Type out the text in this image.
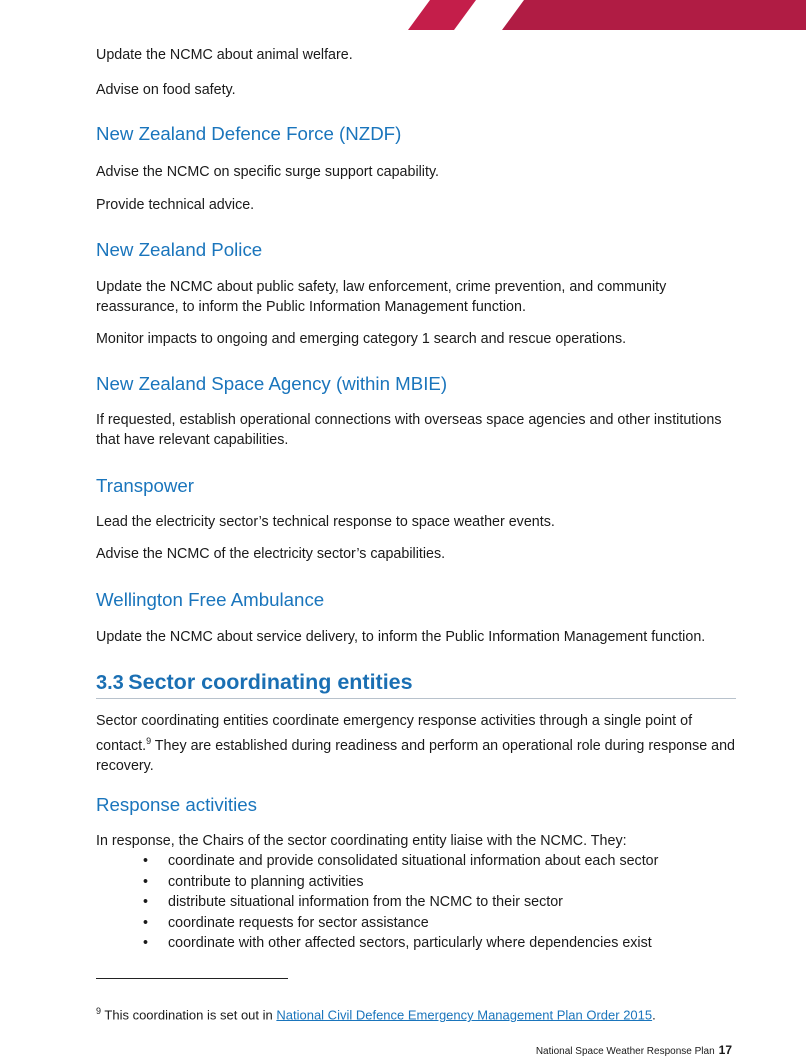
Update the NCMC about animal welfare.

Advise on food safety.

New Zealand Defence Force (NZDF)

Advise the NCMC on specific surge support capability.

Provide technical advice.

New Zealand Police

Update the NCMC about public safety, law enforcement, crime prevention, and community reassurance, to inform the Public Information Management function.

Monitor impacts to ongoing and emerging category 1 search and rescue operations.

New Zealand Space Agency (within MBIE)

If requested, establish operational connections with overseas space agencies and other institutions that have relevant capabilities.

Transpower

Lead the electricity sector’s technical response to space weather events.

Advise the NCMC of the electricity sector’s capabilities.

Wellington Free Ambulance

Update the NCMC about service delivery, to inform the Public Information Management function.

3.3 Sector coordinating entities

Sector coordinating entities coordinate emergency response activities through a single point of contact.$^9$ They are established during readiness and perform an operational role during response and recovery.

Response activities

In response, the Chairs of the sector coordinating entity liaise with the NCMC. They:

• coordinate and provide consolidated situational information about each sector
• contribute to planning activities
• distribute situational information from the NCMC to their sector
• coordinate requests for sector assistance
• coordinate with other affected sectors, particularly where dependencies exist
$^9$ This coordination is set out in National Civil Defence Emergency Management Plan Order 2015.
National Space Weather Response Plan 17
